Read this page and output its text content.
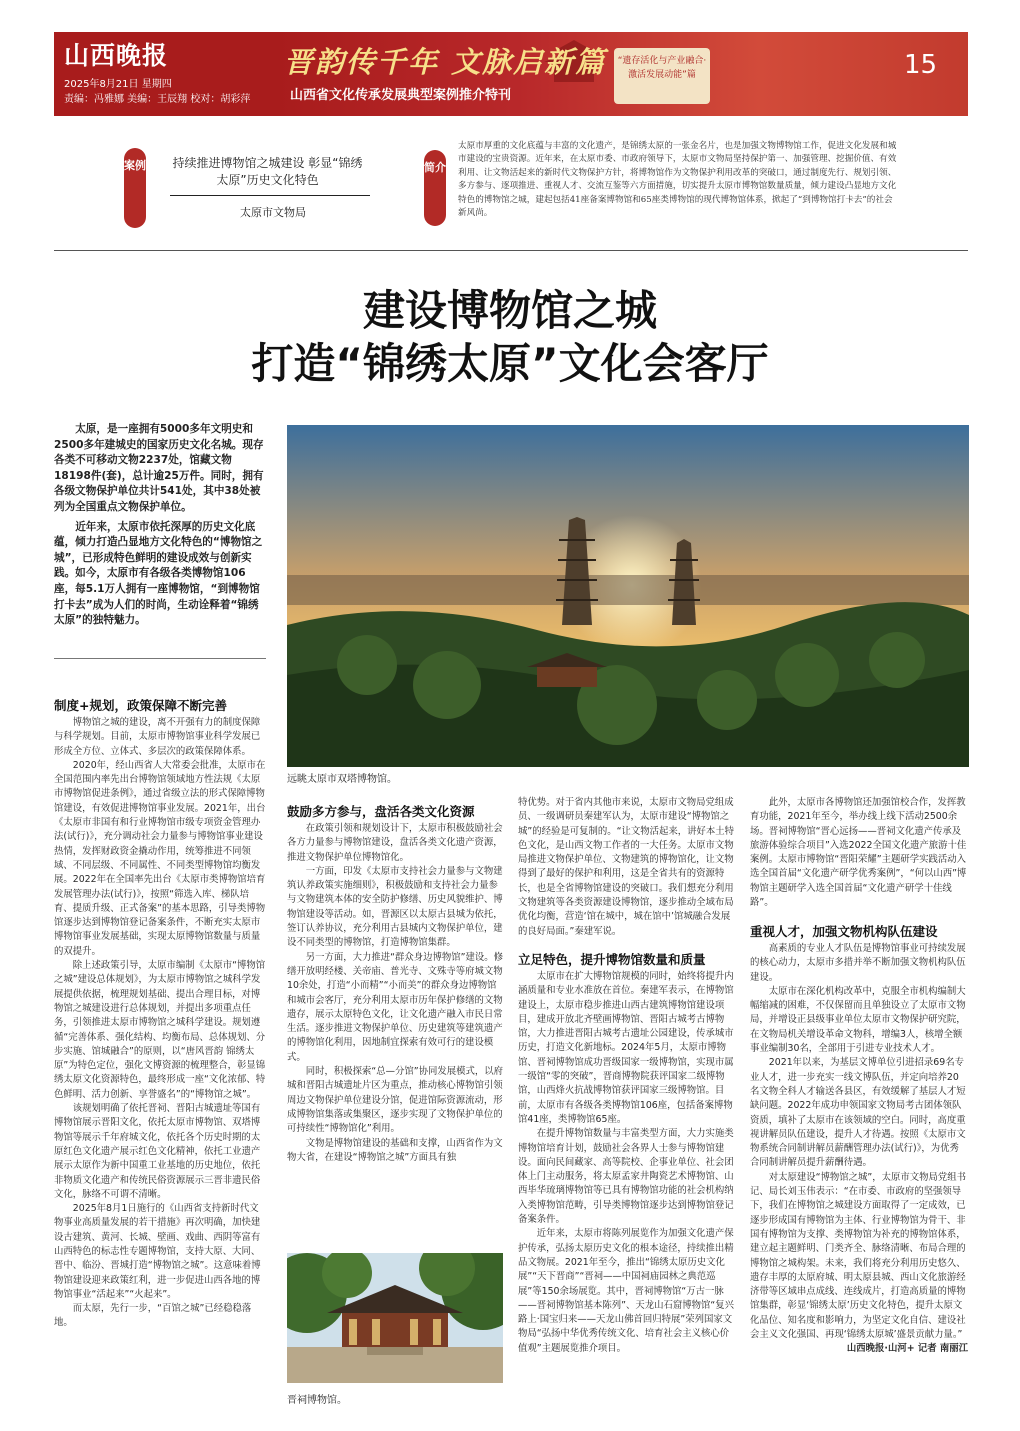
山西晚报
2025年8月21日 星期四
责编：冯雅娜 美编：王辰翔 校对：胡彩萍
晋韵传千年 文脉启新篇
山西省文化传承发展典型案例推介特刊
“遗存活化与产业融合·激活发展动能”篇	15
案例 持续推进博物馆之城建设 彰显“锦绣太原”历史文化特色
太原市文物局
简介
太原市厚重的文化底蕴与丰富的文化遗产，是锦绣太原的一张金名片，也是加强文物博物馆工作，促进文化发展和城市建设的宝贵资源。近年来，在太原市委、市政府领导下，太原市文物局坚持保护第一、加强管理、挖掘价值、有效利用、让文物活起来的新时代文物保护方针，将博物馆作为文物保护利用改革的突破口，通过制度先行、规划引领、多方参与、逐项推进、重视人才、交流互鉴等六方面措施，切实提升太原市博物馆数量质量，倾力建设凸显地方文化特色的博物馆之城，建起包括41座备案博物馆和65座类博物馆的现代博物馆体系，掀起了“到博物馆打卡去”的社会新风尚。
建设博物馆之城
打造“锦绣太原”文化会客厅

太原，是一座拥有5000多年文明史和2500多年建城史的国家历史文化名城。现存各类不可移动文物2237处，馆藏文物18198件(套)，总计逾25万件。同时，拥有各级文物保护单位共计541处，其中38处被列为全国重点文物保护单位。

近年来，太原市依托深厚的历史文化底蕴，倾力打造凸显地方文化特色的“博物馆之城”，已形成特色鲜明的建设成效与创新实践。如今，太原市有各级各类博物馆106座，每5.1万人拥有一座博物馆，“到博物馆打卡去”成为人们的时尚，生动诠释着“锦绣太原”的独特魅力。

远眺太原市双塔博物馆。
制度+规划，政策保障不断完善

博物馆之城的建设，离不开强有力的制度保障与科学规划。目前，太原市博物馆事业科学发展已形成全方位、立体式、多层次的政策保障体系。

2020年，经山西省人大常委会批准，太原市在全国范围内率先出台博物馆领域地方性法规《太原市博物馆促进条例》，通过省级立法的形式保障博物馆建设，有效促进博物馆事业发展。2021年，出台《太原市非国有和行业博物馆市级专项资金管理办法(试行)》，充分调动社会力量参与博物馆事业建设热情，发挥财政资金撬动作用，统筹推进不同领域、不同层级、不同属性、不同类型博物馆均衡发展。2022年在全国率先出台《太原市类博物馆培育发展管理办法(试行)》，按照“筛选入库、梯队培育、提质升级、正式备案”的基本思路，引导类博物馆逐步达到博物馆登记备案条件，不断充实太原市博物馆事业发展基础，实现太原博物馆数量与质量的双提升。

除上述政策引导，太原市编制《太原市“博物馆之城”建设总体规划》，为太原市博物馆之城科学发展提供依据，梳理规划基础、提出合理目标，对博物馆之城建设进行总体规划，并提出多项重点任务，引领推进太原市博物馆之城科学建设。规划遵循“完善体系、强化结构、均衡布局、总体规划、分步实施、馆城融合”的原则，以“唐风晋韵 锦绣太原”为特色定位，强化文博资源的梳理整合，彰显锦绣太原文化资源特色，最终形成一座“文化浓郁、特色鲜明、活力创新、享誉盛名”的“博物馆之城”。

该规划明确了依托晋祠、晋阳古城遗址等国有博物馆展示晋阳文化，依托太原市博物馆、双塔博物馆等展示千年府城文化，依托各个历史时期的太原红色文化遗产展示红色文化精神，依托工业遗产展示太原作为新中国重工业基地的历史地位，依托非物质文化遗产和传统民俗资源展示三晋非遗民俗文化，脉络不可谓不清晰。

2025年8月1日施行的《山西省支持新时代文物事业高质量发展的若干措施》再次明确，加快建设古建筑、黄河、长城、壁画、戏曲、西阴等富有山西特色的标志性专题博物馆，支持大原、大同、晋中、临汾、晋城打造“博物馆之城”。这意味着博物馆建设迎来政策红利，进一步促进山西各地的博物馆事业“活起来”“火起来”。

而太原，先行一步，“百馆之城”已经稳稳落地。

鼓励多方参与，盘活各类文化资源

在政策引领和规划设计下，太原市积极鼓励社会各方力量参与博物馆建设，盘活各类文化遗产资源，推进文物保护单位博物馆化。

一方面，印发《太原市支持社会力量参与文物建筑认养政策实施细则》，积极鼓励和支持社会力量参与文物建筑本体的安全防护修缮、历史风貌维护、博物馆建设等活动。如，晋源区以太原古县城为依托，签订认养协议，充分利用古县城内文物保护单位，建设不同类型的博物馆，打造博物馆集群。

另一方面，大力推进“群众身边博物馆”建设。修缮开放明经楼、关帝庙、普光寺、文殊寺等府城文物10余处，打造“小而精”“小而美”的群众身边博物馆和城市会客厅，充分利用太原市历年保护修缮的文物遗存，展示太原特色文化，让文化遗产融入市民日常生活。逐步推进文物保护单位、历史建筑等建筑遗产的博物馆化利用，因地制宜探索有效可行的建设模式。

同时，积极探索“总—分馆”协同发展模式，以府城和晋阳古城遗址片区为重点，推动核心博物馆引领周边文物保护单位建设分馆，促进馆际资源流动，形成博物馆集落或集聚区，逐步实现了文物保护单位的可持续性“博物馆化”利用。

文物是博物馆建设的基础和支撑，山西省作为文物大省，在建设“博物馆之城”方面具有独

晋祠博物馆。

特优势。对于省内其他市来说，太原市文物局党组成员、一级调研员秦建军认为，太原市建设“博物馆之城”的经验是可复制的。“让文物活起来，讲好本土特色文化，是山西文物工作者的一大任务。太原市文物局推进文物保护单位、文物建筑的博物馆化，让文物得到了最好的保护和利用，这是全省共有的资源特长，也是全省博物馆建设的突破口。我们想充分利用文物建筑等各类资源建设博物馆，逐步推动全域布局优化均衡，营造‘馆在城中，城在馆中’馆城融合发展的良好局面。”秦建军说。

立足特色，提升博物馆数量和质量

太原市在扩大博物馆规模的同时，始终将提升内涵质量和专业水准放在首位。秦建军表示，在博物馆建设上，太原市稳步推进山西古建筑博物馆建设项目，建成开放北齐壁画博物馆、晋阳古城考古博物馆，大力推进晋阳古城考古遗址公园建设，传承城市历史，打造文化新地标。2024年5月，太原市博物馆、晋祠博物馆成功晋级国家一级博物馆，实现市属一级馆“零的突破”，晋商博物院获评国家二级博物馆，山西烽火抗战博物馆获评国家三级博物馆。目前，太原市有各级各类博物馆106座，包括备案博物馆41座，类博物馆65座。

在提升博物馆数量与丰富类型方面，大力实施类博物馆培育计划，鼓励社会各界人士参与博物馆建设。面向民间藏家、高等院校、企事业单位、社会团体上门主动服务，将太原孟家井陶瓷艺术博物馆、山西毕华琉璃博物馆等已具有博物馆功能的社会机构纳入类博物馆范畴，引导类博物馆逐步达到博物馆登记备案条件。

近年来，太原市将陈列展览作为加强文化遗产保护传承，弘扬太原历史文化的根本途径，持续推出精品文物展。2021年至今，推出“锦绣太原历史文化展”“天下晋商”“晋祠——中国祠庙园林之典范巡展”等150余场展览。其中，晋祠博物馆“万古一脉——晋祠博物馆基本陈列”、天龙山石窟博物馆“复兴路上·国宝归来——天龙山佛首回归特展”荣列国家文物局“弘扬中华优秀传统文化、培育社会主义核心价值观”主题展览推介项目。

此外，太原市各博物馆还加强馆校合作，发挥教育功能，2021年至今，举办线上线下活动2500余场。晋祠博物馆“晋心远扬——晋祠文化遗产传承及旅游体验综合项目”入选2022全国文化遗产旅游十佳案例。太原市博物馆“晋阳荣耀”主题研学实践活动入选全国首届“文化遗产研学优秀案例”，“何以山西”博物馆主题研学入选全国首届“文化遗产研学十佳线路”。

重视人才，加强文物机构队伍建设

高素质的专业人才队伍是博物馆事业可持续发展的核心动力，太原市多措并举不断加强文物机构队伍建设。

太原市在深化机构改革中，克服全市机构编制大幅缩减的困难，不仅保留而且单独设立了太原市文物局，并增设正县级事业单位太原市文物保护研究院，在文物局机关增设革命文物科，增编3人，核增全额事业编制30名，全部用于引进专业技术人才。

2021年以来，为基层文博单位引进招录69名专业人才，进一步充实一线文博队伍，并定向培养20名文物全科人才输送各县区，有效缓解了基层人才短缺问题。2022年成功申领国家文物局考古团体领队资质，填补了太原市在该领域的空白。同时，高度重视讲解员队伍建设，提升人才待遇。按照《太原市文物系统合同制讲解员薪酬管理办法(试行)》，为优秀合同制讲解员提升薪酬待遇。

对太原建设“博物馆之城”，太原市文物局党组书记、局长刘玉伟表示：“在市委、市政府的坚强领导下，我们在博物馆之城建设方面取得了一定成效，已逐步形成国有博物馆为主体、行业博物馆为骨干、非国有博物馆为支撑、类博物馆为补充的博物馆体系，建立起主题鲜明、门类齐全、脉络清晰、布局合理的博物馆之城构架。未来，我们将充分利用历史悠久、遗存丰厚的太原府城、明太原县城、西山文化旅游经济带等区域串点成线、连线成片，打造高质量的博物馆集群，彰显‘锦绣太原’历史文化特色，提升太原文化品位、知名度和影响力，为坚定文化自信、建设社会主义文化强国、再现‘锦绣太原城’盛景贡献力量。”

山西晚报·山河+ 记者 南丽江
